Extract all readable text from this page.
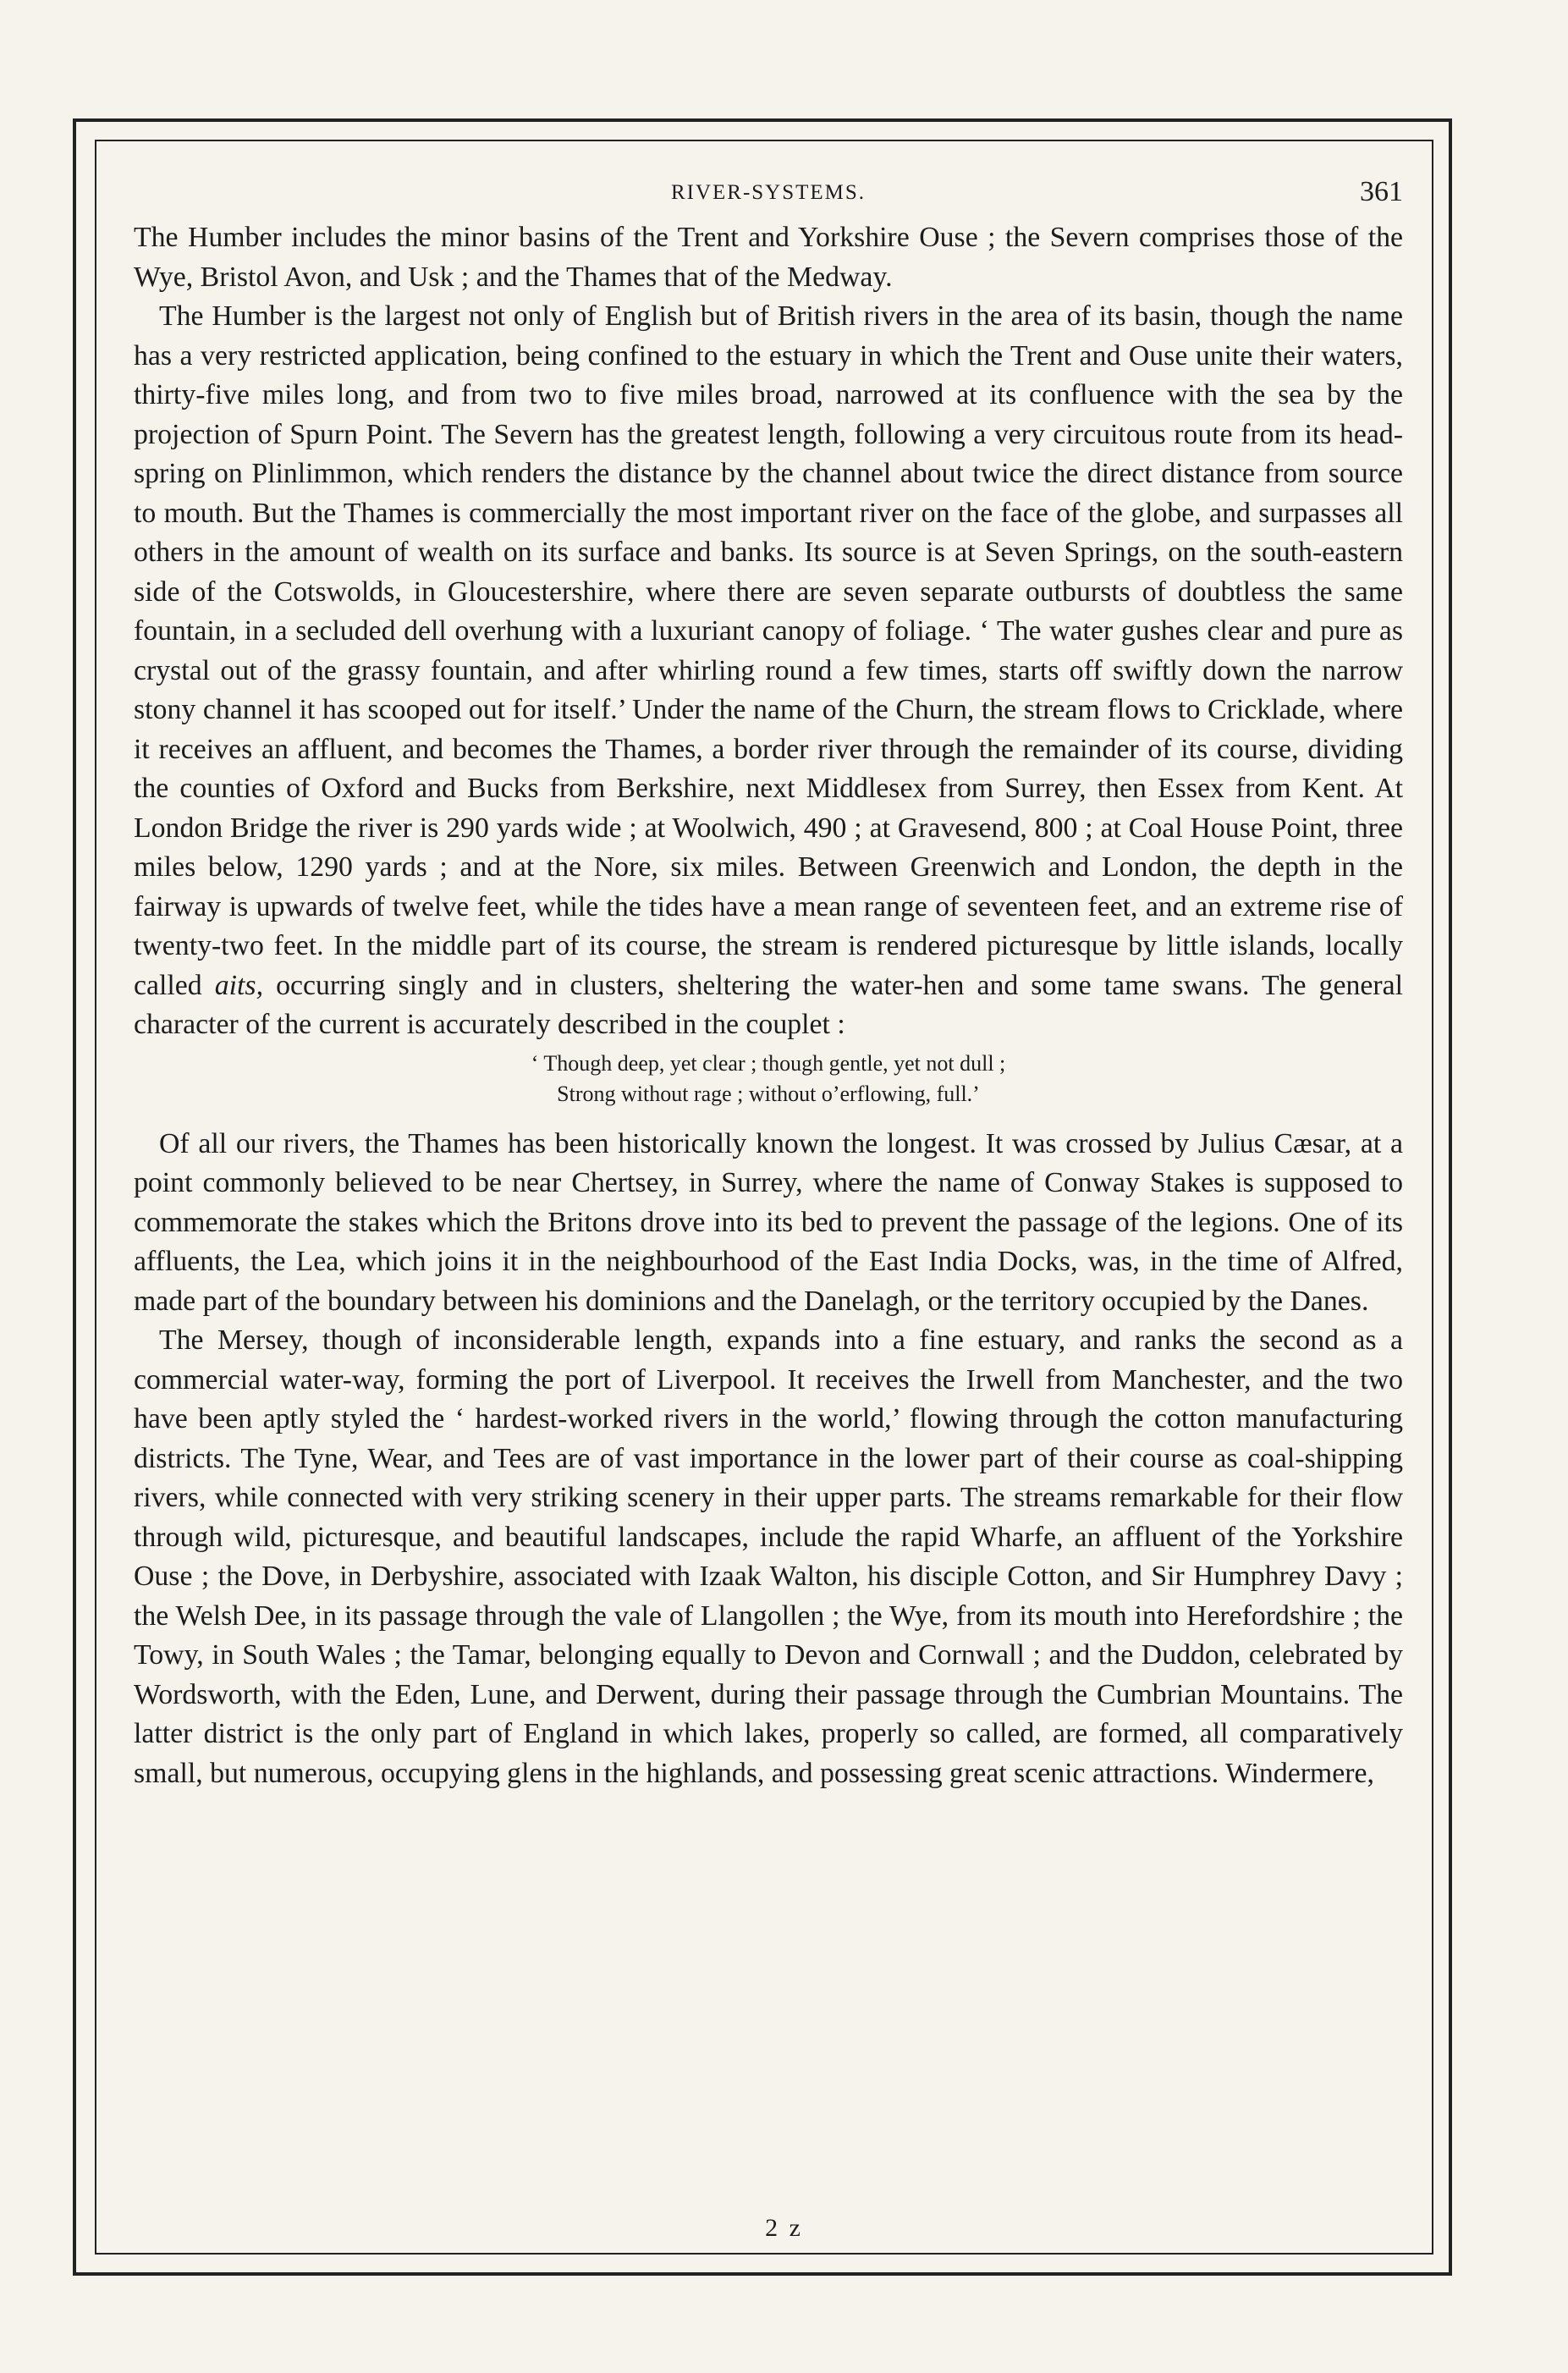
RIVER-SYSTEMS.	361

The Humber includes the minor basins of the Trent and Yorkshire Ouse ; the Severn comprises those of the Wye, Bristol Avon, and Usk ; and the Thames that of the Medway.

The Humber is the largest not only of English but of British rivers in the area of its basin, though the name has a very restricted application, being confined to the estuary in which the Trent and Ouse unite their waters, thirty-five miles long, and from two to five miles broad, narrowed at its confluence with the sea by the projection of Spurn Point. The Severn has the greatest length, following a very circuitous route from its head-spring on Plinlimmon, which renders the distance by the channel about twice the direct distance from source to mouth. But the Thames is commercially the most important river on the face of the globe, and surpasses all others in the amount of wealth on its surface and banks. Its source is at Seven Springs, on the south-eastern side of the Cotswolds, in Gloucestershire, where there are seven separate outbursts of doubtless the same fountain, in a secluded dell overhung with a luxuriant canopy of foliage. ‘ The water gushes clear and pure as crystal out of the grassy fountain, and after whirling round a few times, starts off swiftly down the narrow stony channel it has scooped out for itself.’ Under the name of the Churn, the stream flows to Cricklade, where it receives an affluent, and becomes the Thames, a border river through the remainder of its course, dividing the counties of Oxford and Bucks from Berkshire, next Middlesex from Surrey, then Essex from Kent. At London Bridge the river is 290 yards wide ; at Woolwich, 490 ; at Gravesend, 800 ; at Coal House Point, three miles below, 1290 yards ; and at the Nore, six miles. Between Greenwich and London, the depth in the fairway is upwards of twelve feet, while the tides have a mean range of seventeen feet, and an extreme rise of twenty-two feet. In the middle part of its course, the stream is rendered picturesque by little islands, locally called aits, occurring singly and in clusters, sheltering the water-hen and some tame swans. The general character of the current is accurately described in the couplet :

‘ Though deep, yet clear ; though gentle, yet not dull ;
Strong without rage ; without o’erflowing, full.’

Of all our rivers, the Thames has been historically known the longest. It was crossed by Julius Cæsar, at a point commonly believed to be near Chertsey, in Surrey, where the name of Conway Stakes is supposed to commemorate the stakes which the Britons drove into its bed to prevent the passage of the legions. One of its affluents, the Lea, which joins it in the neighbourhood of the East India Docks, was, in the time of Alfred, made part of the boundary between his dominions and the Danelagh, or the territory occupied by the Danes.

The Mersey, though of inconsiderable length, expands into a fine estuary, and ranks the second as a commercial water-way, forming the port of Liverpool. It receives the Irwell from Manchester, and the two have been aptly styled the ‘ hardest-worked rivers in the world,’ flowing through the cotton manufacturing districts. The Tyne, Wear, and Tees are of vast importance in the lower part of their course as coal-shipping rivers, while connected with very striking scenery in their upper parts. The streams remarkable for their flow through wild, picturesque, and beautiful landscapes, include the rapid Wharfe, an affluent of the Yorkshire Ouse ; the Dove, in Derbyshire, associated with Izaak Walton, his disciple Cotton, and Sir Humphrey Davy ; the Welsh Dee, in its passage through the vale of Llangollen ; the Wye, from its mouth into Herefordshire ; the Towy, in South Wales ; the Tamar, belonging equally to Devon and Cornwall ; and the Duddon, celebrated by Wordsworth, with the Eden, Lune, and Derwent, during their passage through the Cumbrian Mountains. The latter district is the only part of England in which lakes, properly so called, are formed, all comparatively small, but numerous, occupying glens in the highlands, and possessing great scenic attractions. Windermere,

2 z
